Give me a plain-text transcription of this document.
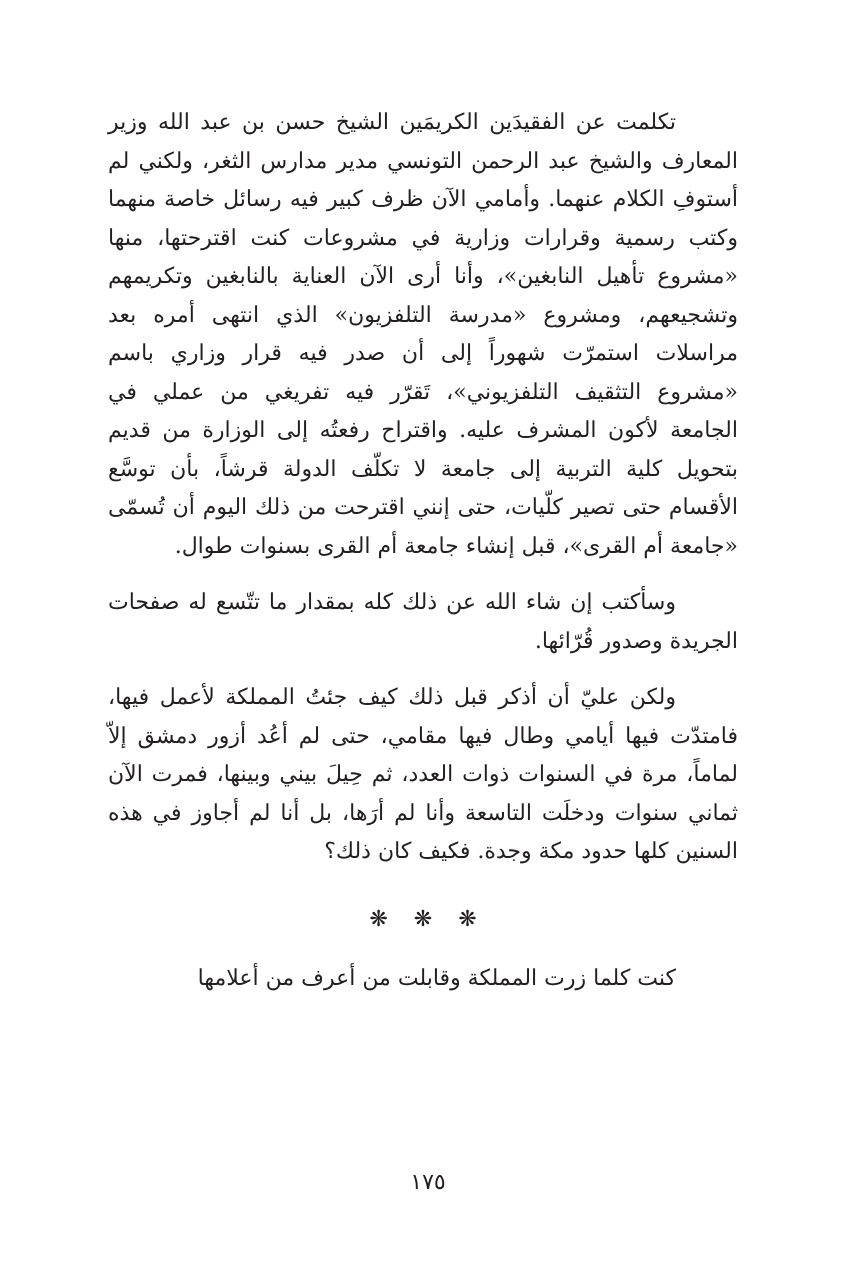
تكلمت عن الفقيدَين الكريمَين الشيخ حسن بن عبد الله وزير المعارف والشيخ عبد الرحمن التونسي مدير مدارس الثغر، ولكني لم أستوفِ الكلام عنهما. وأمامي الآن ظرف كبير فيه رسائل خاصة منهما وكتب رسمية وقرارات وزارية في مشروعات كنت اقترحتها، منها «مشروع تأهيل النابغين»، وأنا أرى الآن العناية بالنابغين وتكريمهم وتشجيعهم، ومشروع «مدرسة التلفزيون» الذي انتهى أمره بعد مراسلات استمرّت شهوراً إلى أن صدر فيه قرار وزاري باسم «مشروع التثقيف التلفزيوني»، تَقرّر فيه تفريغي من عملي في الجامعة لأكون المشرف عليه. واقتراح رفعتُه إلى الوزارة من قديم بتحويل كلية التربية إلى جامعة لا تكلّف الدولة قرشاً، بأن توسَّع الأقسام حتى تصير كلّيات، حتى إنني اقترحت من ذلك اليوم أن تُسمّى «جامعة أم القرى»، قبل إنشاء جامعة أم القرى بسنوات طوال.

وسأكتب إن شاء الله عن ذلك كله بمقدار ما تتّسع له صفحات الجريدة وصدور قُرّائها.

ولكن عليّ أن أذكر قبل ذلك كيف جئتُ المملكة لأعمل فيها، فامتدّت فيها أيامي وطال فيها مقامي، حتى لم أعُد أزور دمشق إلاّ لماماً، مرة في السنوات ذوات العدد، ثم حِيلَ بيني وبينها، فمرت الآن ثماني سنوات ودخلَت التاسعة وأنا لم أرَها، بل أنا لم أجاوز في هذه السنين كلها حدود مكة وجدة. فكيف كان ذلك؟

❋ ❋ ❋

كنت كلما زرت المملكة وقابلت من أعرف من أعلامها

١٧٥
